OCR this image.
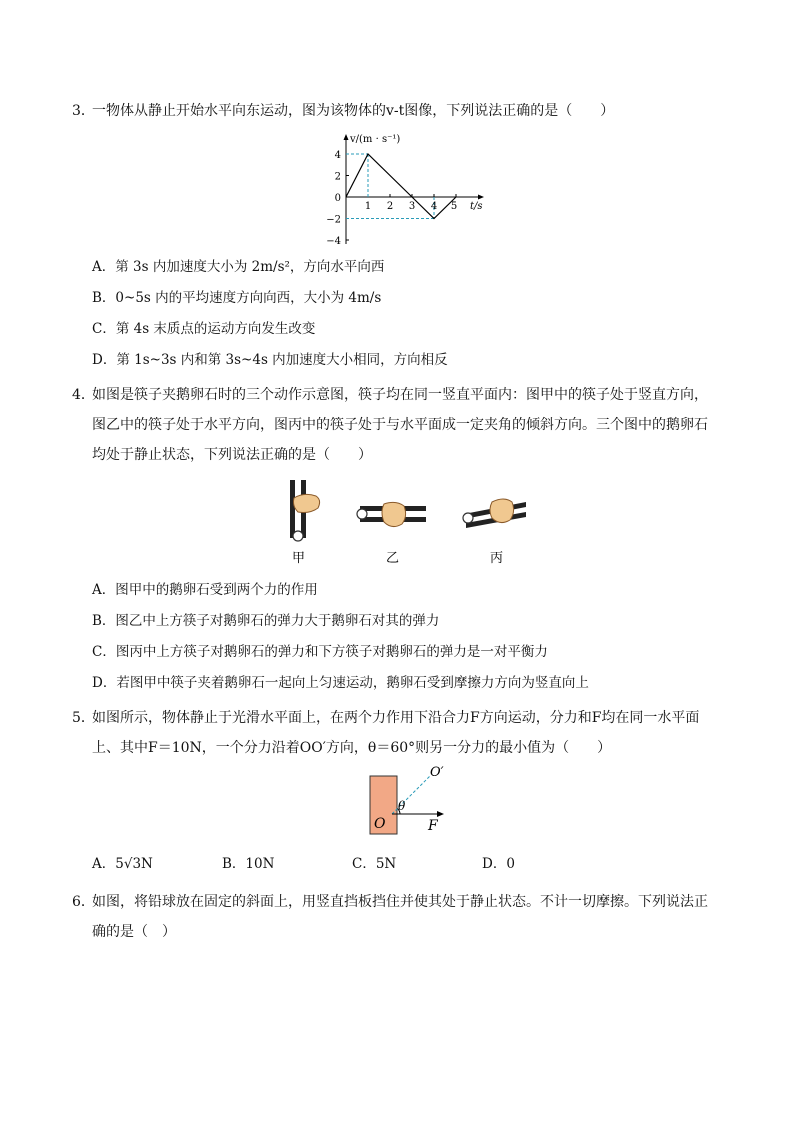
3．
一物体从静止开始水平向东运动，图为该物体的v-t图像，下列说法正确的是（　　）
v/(m · s⁻¹)
t/s
4
2
0
−2
−4
1 2 3 4 5
A．第 3s 内加速度大小为 2m/s²，方向水平向西
B．0~5s 内的平均速度方向向西，大小为 4m/s
C．第 4s 末质点的运动方向发生改变
D．第 1s~3s 内和第 3s~4s 内加速度大小相同，方向相反
4．
如图是筷子夹鹅卵石时的三个动作示意图，筷子均在同一竖直平面内：图甲中的筷子处于竖直方向，
图乙中的筷子处于水平方向，图丙中的筷子处于与水平面成一定夹角的倾斜方向。三个图中的鹅卵石
均处于静止状态，下列说法正确的是（　　）
甲	乙	丙
A．图甲中的鹅卵石受到两个力的作用
B．图乙中上方筷子对鹅卵石的弹力大于鹅卵石对其的弹力
C．图丙中上方筷子对鹅卵石的弹力和下方筷子对鹅卵石的弹力是一对平衡力
D．若图甲中筷子夹着鹅卵石一起向上匀速运动，鹅卵石受到摩擦力方向为竖直向上
5．
如图所示，物体静止于光滑水平面上，在两个力作用下沿合力F方向运动，分力和F均在同一水平面
上、其中F＝10N，一个分力沿着OO′方向，θ＝60°则另一分力的最小值为（　　）
O′
θ
O	F
A．5√3N	B．10N	C．5N	D．0
6．
如图，将铅球放在固定的斜面上，用竖直挡板挡住并使其处于静止状态。不计一切摩擦。下列说法正
确的是（　）
